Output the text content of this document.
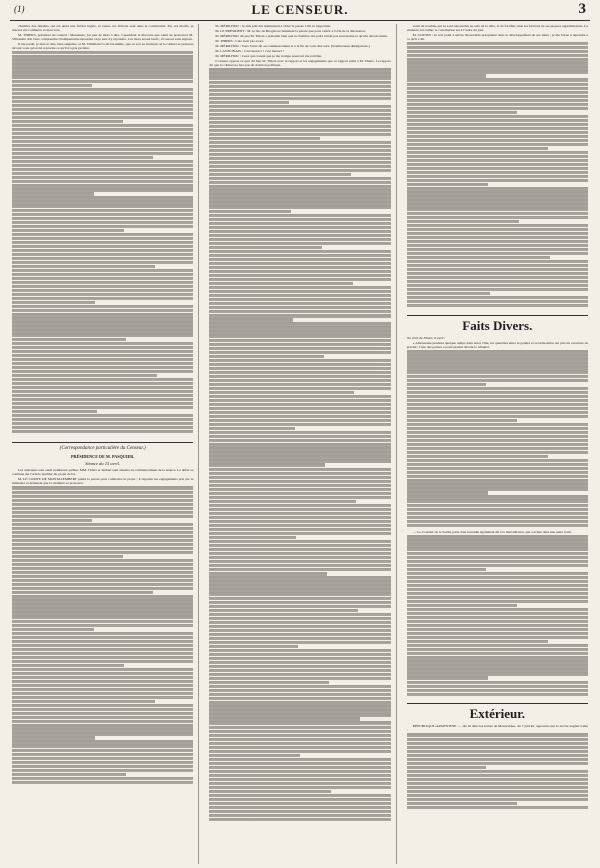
(1)	LE CENSEUR.	3

chambre des députés, qui est aussi une fiction légale, et toutes ces fictions sont dans la constitution. Par ces motifs, je réserve ma confiance et mon vote.

M. THIERS, président du conseil : Messieurs, j'ai peu de mots à dire. Cependant le discours que vient de prononcer M. Villemain doit faire comprendre l'indispensable nécessité où je suis d'y répondre. Ces mots seront brefs ; ils seront sans aigreur.

Il me paraît, je dois le dire, bien singulier, et M. Villemain l'a dit lui-même, que ce soit au moment où le cabinet se présente devant vous qu'on lui reproche ce qu'il n'a pas pu faire.

(Correspondance particulière du Censeur.)

PRÉSIDENCE DE M. PASQUIER.

Séance du 15 avril.

Les assistants sont aussi nombreux qu'hier. MM. Thiers et Jaubert sont absents au commencement de la séance. Le débat se continue sur l'article premier du projet de loi.

M. LE COMTE DE MONTALEMBERT prend la parole pour combattre le projet ; il rappelle les engagements pris par le ministère et demande que la chambre se prononce.

M. MÉRILHOU : Je suis prêt dès maintenant à céder la parole à M. le rapporteur.

M. LE PRÉSIDENT : M. le duc de Broglie ne demande la parole que pour ouvrir à la fin de la discussion.

M. MÉRILHOU dit que M. Thiers a prétendu bien que la chambre des pairs n'était pas souveraine et qu'elle devait suivre.

M. THIERS : Cela n'est pas exact.

M. MÉRILHOU : Vous l'avez dit au commencement et à la fin de votre discours. (Nombreuses dénégations.)

M. LANJUINAIS : C'est inexact ! c'est inexact !

M. MÉRILHOU : Ceux qui croient que je me trompe pourront me rectifier.

L'orateur oppose ce qu'a dit hier M. Thiers avec le rapport et les engagements que ce rapport prête à M. Thiers. Le rapport dit que le cabinet ne fera pas de dotation politique.

venir de troubles qui se sont renouvelés au sein de la ville, et de fortifier ainsi les factions de ses propres appréhensions. La situation est calme, la conciliation est à l'ordre du jour.

M. COUSIN : Je n'ai point à suivre l'honorable préopinant dans le développement de ses idées ; je me borne à répondre à ce qu'il a dit.

Faits Divers.

On écrit de Nîmes, 9 avril :

« Amoureuse pendant quelque temps dans notre ville, les querelles entre le gendre et sa belle-mère ont pris un caractère de gravité ; l'une des parties a porté plainte devant le tribunal.

— Le Courrier de la Sarthe parle d'un incendie également dû à la malveillance, qui a éclaté dans une autre forêt.

Extérieur.

RÉPUBLIQUE-ARGENTINE. — On lit dans les lettres de Montevideo, du 7 janvier, apportées par le navire anglais Lima :
